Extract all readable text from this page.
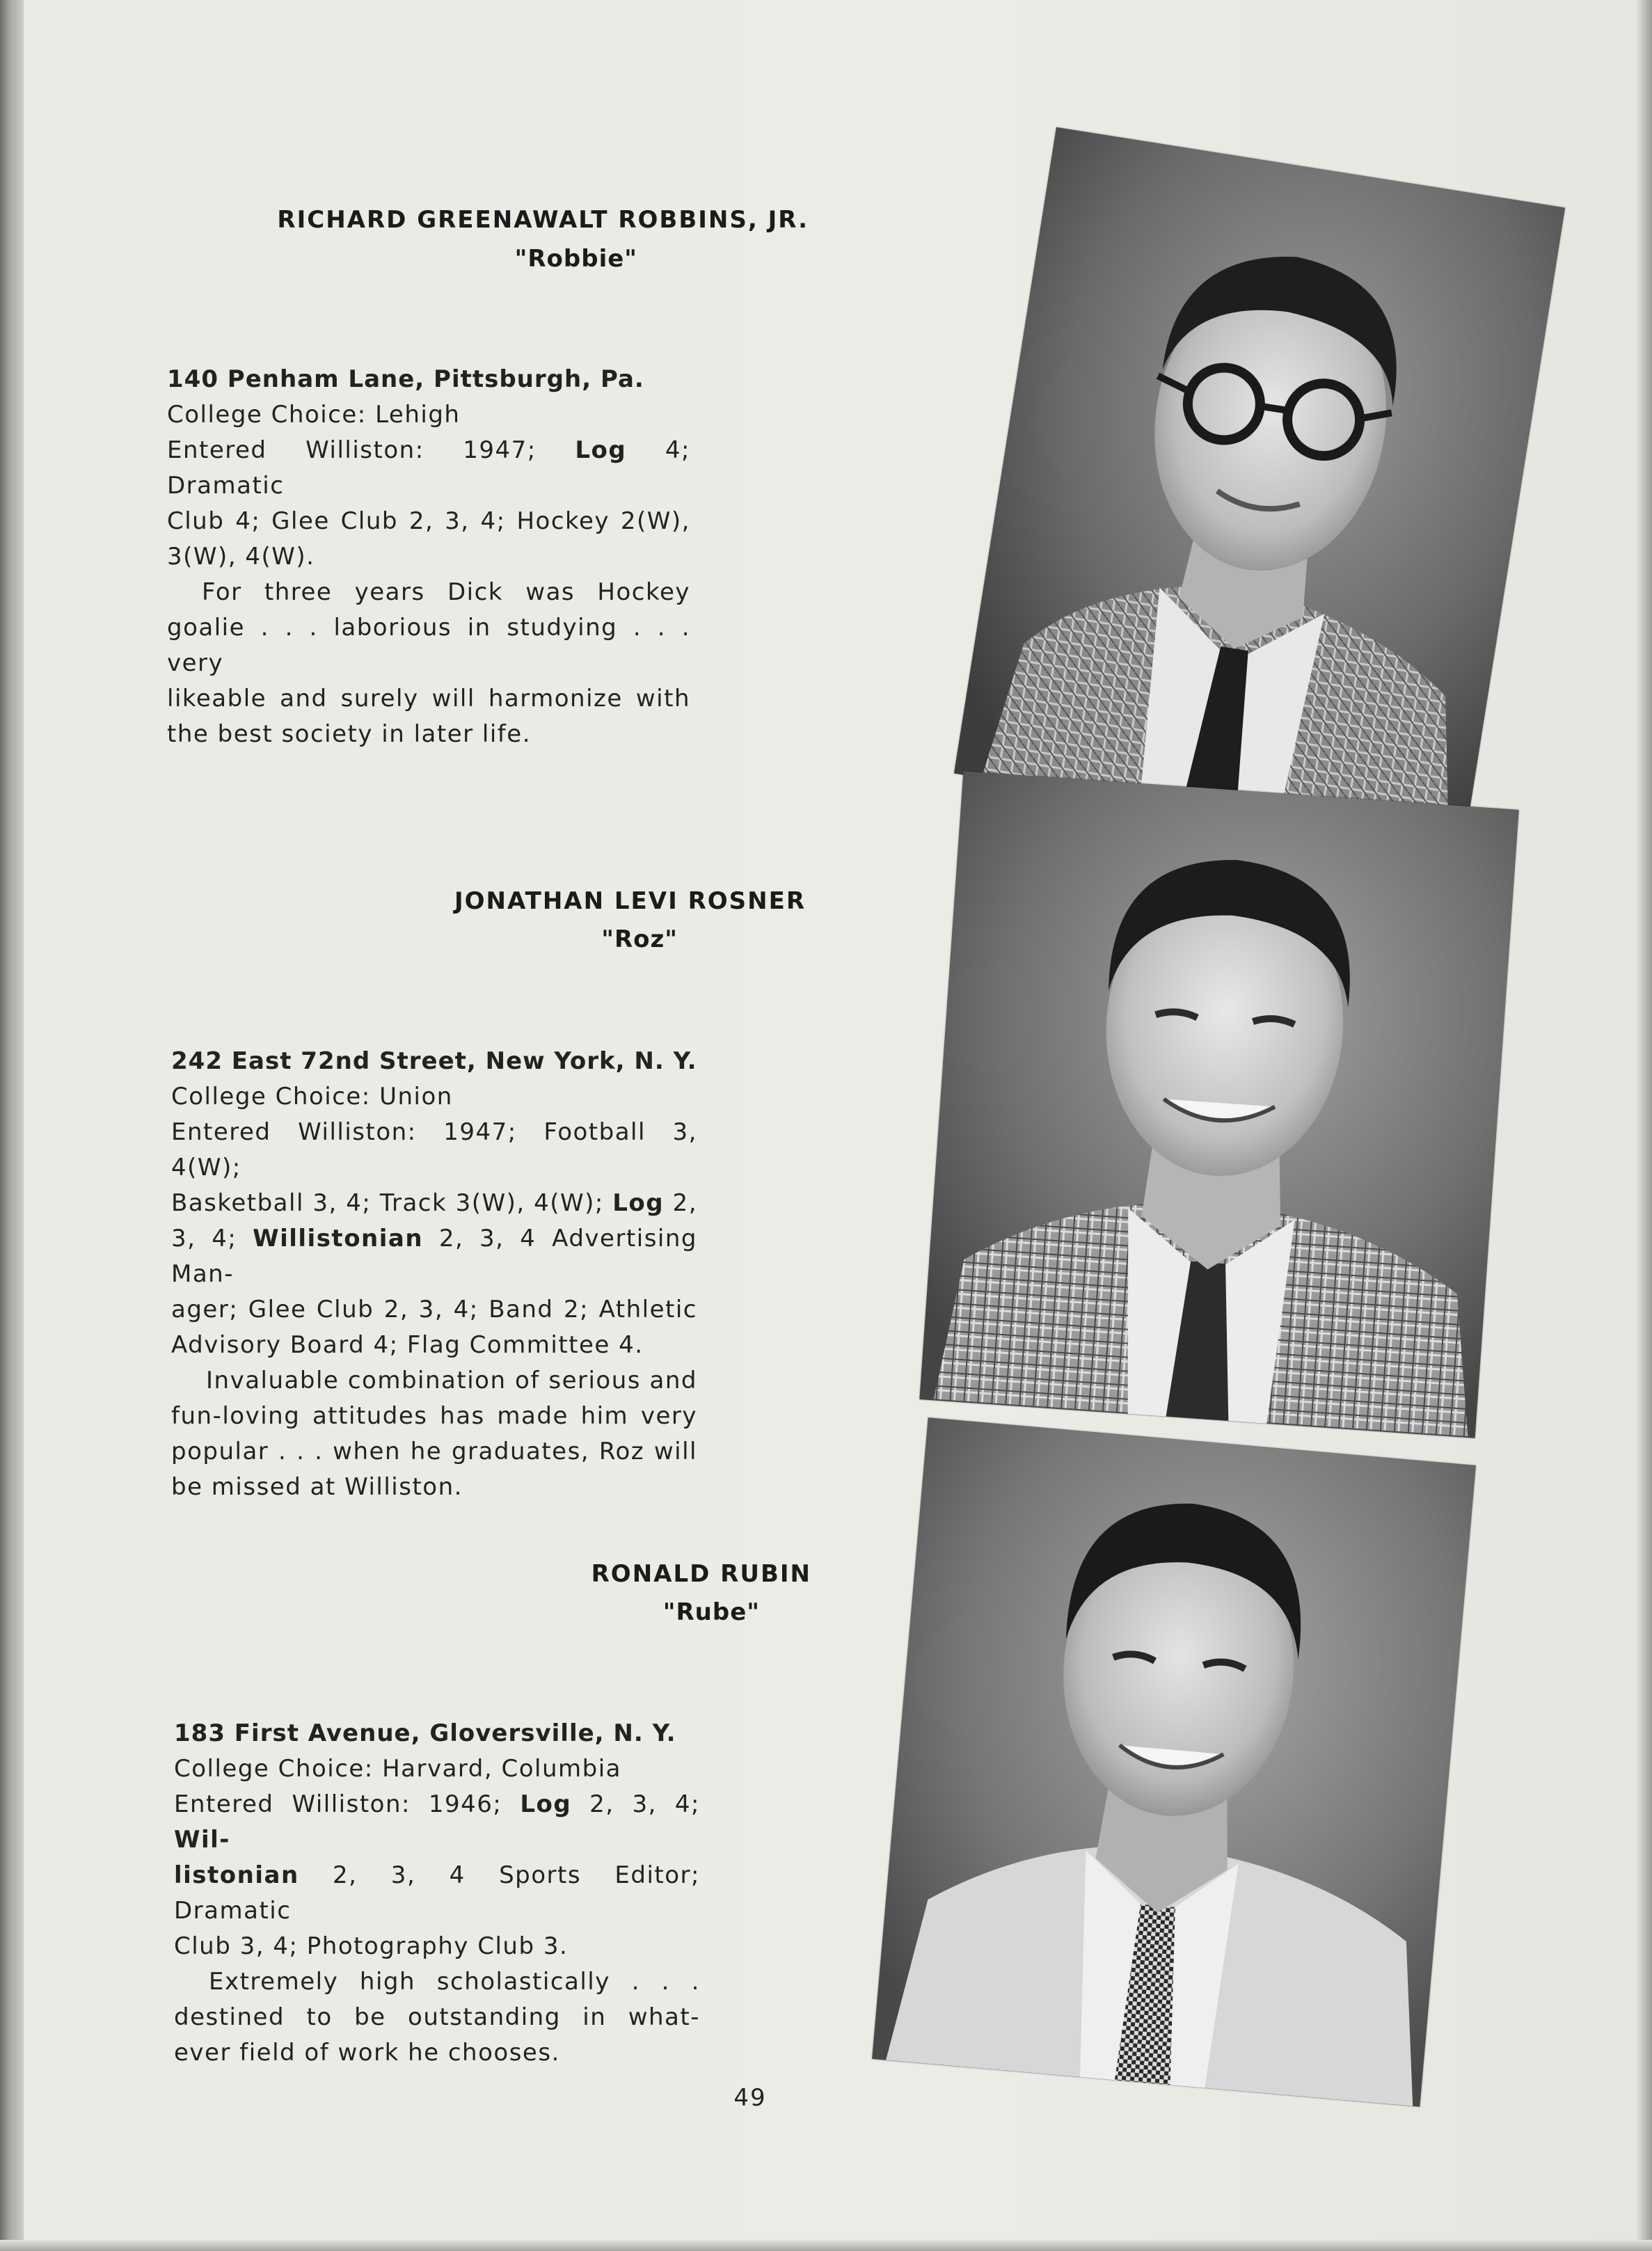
RICHARD GREENAWALT ROBBINS, JR.
"Robbie"
140 Penham Lane, Pittsburgh, Pa.
College Choice: Lehigh
Entered Williston: 1947; Log 4; Dramatic
Club 4; Glee Club 2, 3, 4; Hockey 2(W),
3(W), 4(W).
For three years Dick was Hockey
goalie . . . laborious in studying . . . very
likeable and surely will harmonize with
the best society in later life.
JONATHAN LEVI ROSNER
"Roz"
242 East 72nd Street, New York, N. Y.
College Choice: Union
Entered Williston: 1947; Football 3, 4(W);
Basketball 3, 4; Track 3(W), 4(W); Log 2,
3, 4; Willistonian 2, 3, 4 Advertising Man-
ager; Glee Club 2, 3, 4; Band 2; Athletic
Advisory Board 4; Flag Committee 4.
Invaluable combination of serious and
fun-loving attitudes has made him very
popular . . . when he graduates, Roz will
be missed at Williston.
RONALD RUBIN
"Rube"
183 First Avenue, Gloversville, N. Y.
College Choice: Harvard, Columbia
Entered Williston: 1946; Log 2, 3, 4; Wil-
listonian 2, 3, 4 Sports Editor; Dramatic
Club 3, 4; Photography Club 3.
Extremely high scholastically . . .
destined to be outstanding in what-
ever field of work he chooses.
49
